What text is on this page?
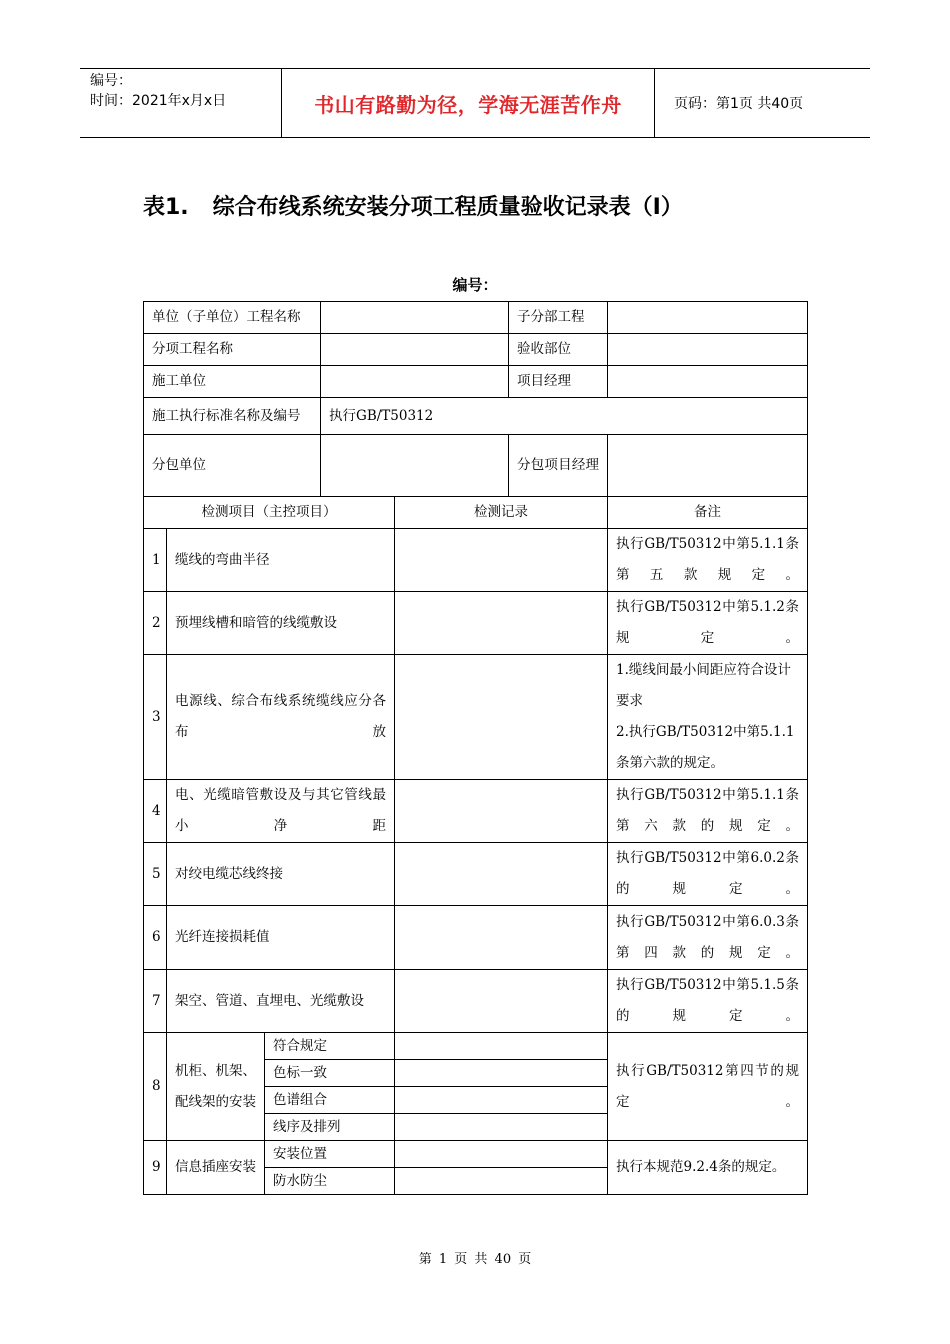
编号：
时间：2021年x月x日	书山有路勤为径，学海无涯苦作舟	页码：第1页 共40页
表1. 综合布线系统安装分项工程质量验收记录表（Ⅰ）
编号：
单位（子单位）工程名称					子分部工程	
分项工程名称					验收部位	
施工单位					项目经理	
施工执行标准名称及编号			执行GB/T50312			
分包单位					分包项目经理	
检测项目（主控项目）				检测记录		备注
1	缆线的弯曲半径					执行GB/T50312中第5.1.1条第五款规定。
2	预埋线槽和暗管的线缆敷设					执行GB/T50312中第5.1.2条规定。
3	电源线、综合布线系统缆线应分各布放					1.缆线间最小间距应符合设计要求
2.执行GB/T50312中第5.1.1条第六款的规定。

4	电、光缆暗管敷设及与其它管线最小净距					执行GB/T50312中第5.1.1条第六款的规定。
5	对绞电缆芯线终接					执行GB/T50312中第6.0.2条的规定。
6	光纤连接损耗值					执行GB/T50312中第6.0.3条第四款的规定。
7	架空、管道、直埋电、光缆敷设					执行GB/T50312中第5.1.5条的规定。
8	机柜、机架、配线架的安装	符合规定				执行GB/T50312第四节的规定。
		色标一致				
		色谱组合				
		线序及排列				
9	信息插座安装	安装位置				执行本规范9.2.4条的规定。
		防水防尘				
第 1 页 共 40 页
